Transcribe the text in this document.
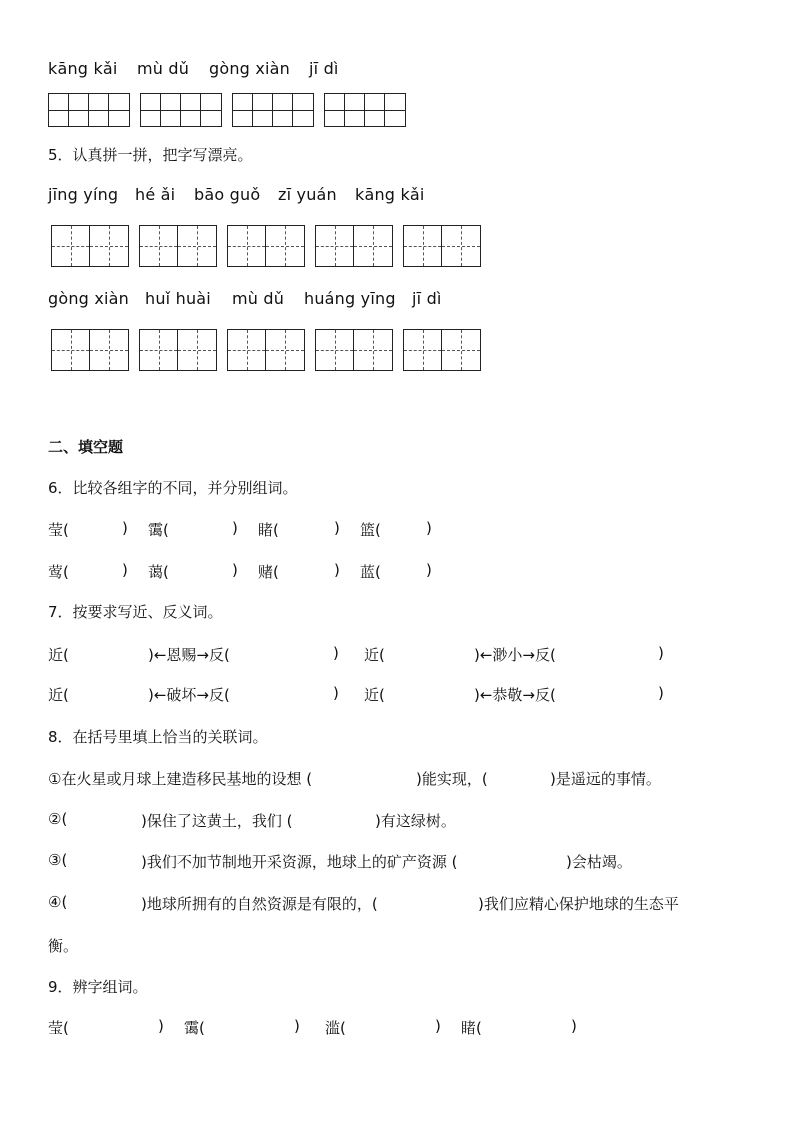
kāng kǎi mù dǔ gòng xiàn jī dì
5．认真拼一拼，把字写漂亮。
jīng yíng hé ǎi bāo guǒ zī yuán kāng kǎi
gòng xiàn huǐ huài mù dǔ huáng yīng jī dì
二、填空题
6．比较各组字的不同，并分别组词。
莹(	) 霭(	) 睹(	) 篮(	)
莺(	) 蔼(	) 赌(	) 蓝(	)
7．按要求写近、反义词。
近(	)←恩赐→反(	) 近(	)←渺小→反(	)
近(	)←破坏→反(	) 近(	)←恭敬→反(	)
8．在括号里填上恰当的关联词。
①在火星或月球上建造移民基地的设想 (	)能实现，(	)是遥远的事情。
②(	)保住了这黄土，我们 (	)有这绿树。
③(	)我们不加节制地开采资源，地球上的矿产资源 (	)会枯竭。
④(	)地球所拥有的自然资源是有限的，(	)我们应精心保护地球的生态平
衡。
9．辨字组词。
莹(	) 霭(	) 滥(	) 睹(	)
